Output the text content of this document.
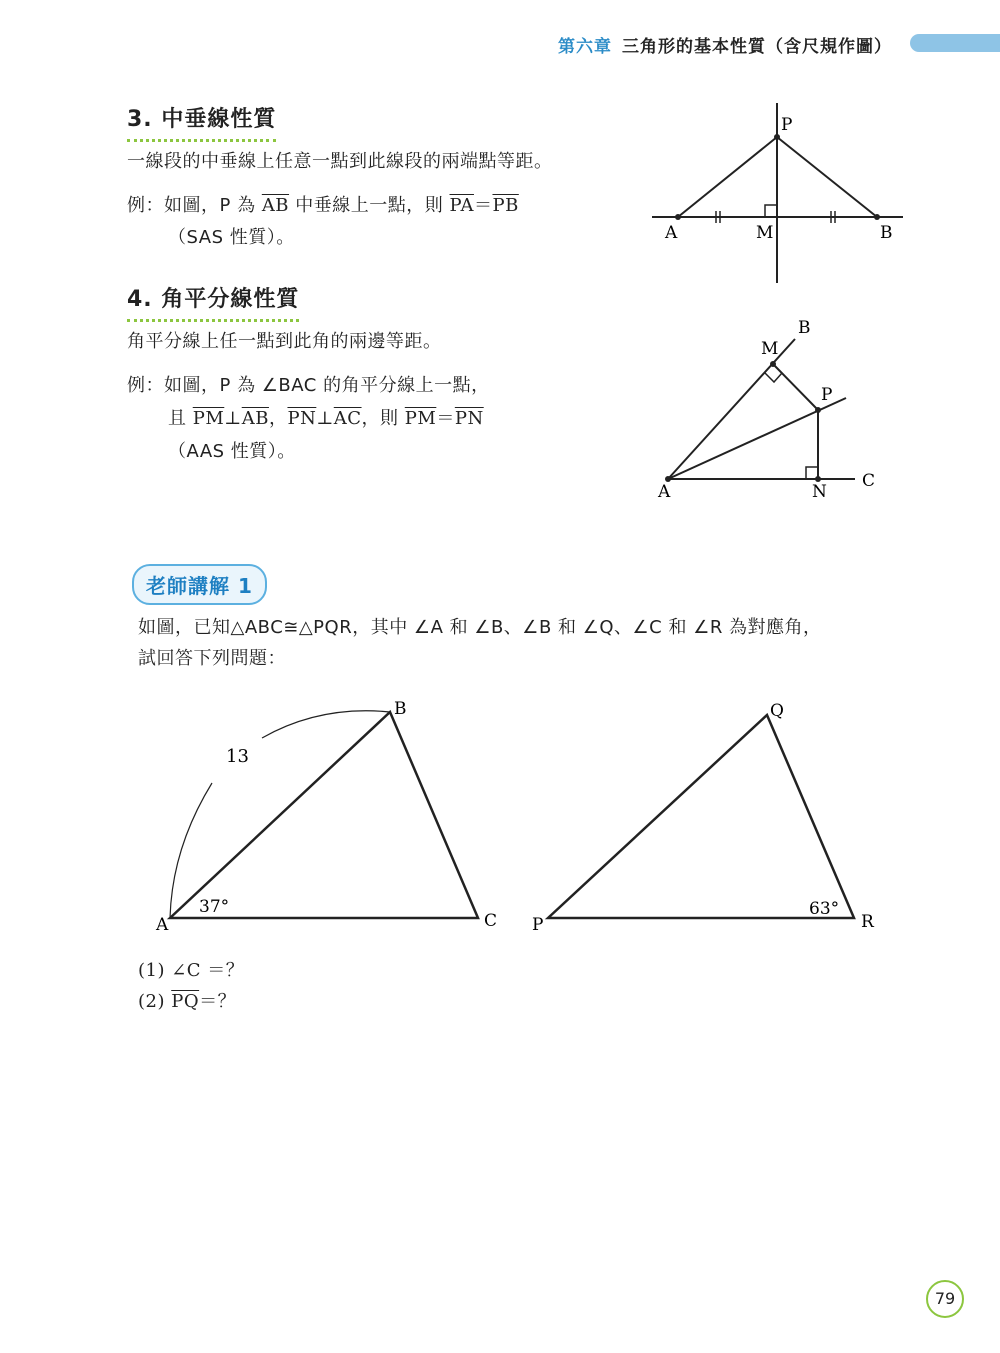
第六章 三角形的基本性質（含尺規作圖）
3. 中垂線性質
一線段的中垂線上任意一點到此線段的兩端點等距。
例：如圖，P 為 $\overline{AB}$ 中垂線上一點，則 $\overline{PA}=\overline{PB}$
（SAS 性質）。
P
A	M	B
4. 角平分線性質
角平分線上任一點到此角的兩邊等距。
例：如圖，P 為 ∠BAC 的角平分線上一點，
且 $\overline{PM}\perp\overline{AB}$，$\overline{PN}\perp\overline{AC}$，則 $\overline{PM}=\overline{PN}$
（AAS 性質）。
B
M
P
A	N
C
老師講解 1
如圖，已知△ABC≅△PQR，其中 ∠A 和 ∠B、∠B 和 ∠Q、∠C 和 ∠R 為對應角，
試回答下列問題：
A
B
C
13
37°
P
Q
R
63°
(1) ∠C ＝？
(2) $\overline{PQ}=$？
79
